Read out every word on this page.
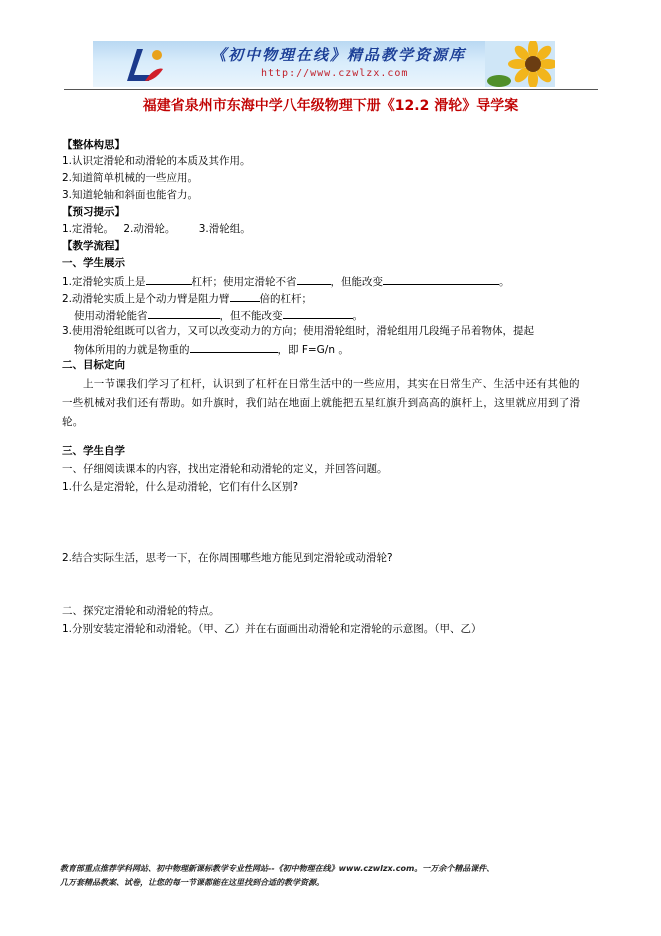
《初中物理在线》精品教学资源库
http://www.czwlzx.com
福建省泉州市东海中学八年级物理下册《12.2 滑轮》导学案
【整体构思】
1.认识定滑轮和动滑轮的本质及其作用。
2.知道简单机械的一些应用。
3.知道轮轴和斜面也能省力。
【预习提示】
1.定滑轮。 2.动滑轮。 3.滑轮组。
【教学流程】
一、学生展示
1.定滑轮实质上是	杠杆；使用定滑轮不省	，但能改变	。
2.动滑轮实质上是个动力臂是阻力臂	倍的杠杆；
使用动滑轮能省	，但不能改变	。
3.使用滑轮组既可以省力，又可以改变动力的方向；使用滑轮组时，滑轮组用几段绳子吊着物体，提起
物体所用的力就是物重的	，即 F=G/n 。
二、目标定向
上一节课我们学习了杠杆，认识到了杠杆在日常生活中的一些应用，其实在日常生产、生活中还有其他的一些机械对我们还有帮助。如升旗时，我们站在地面上就能把五星红旗升到高高的旗杆上，这里就应用到了滑轮。
三、学生自学
一、仔细阅读课本的内容，找出定滑轮和动滑轮的定义，并回答问题。
1.什么是定滑轮，什么是动滑轮，它们有什么区别?
2.结合实际生活，思考一下，在你周围哪些地方能见到定滑轮或动滑轮?
二、探究定滑轮和动滑轮的特点。
1.分别安装定滑轮和动滑轮。（甲、乙）并在右面画出动滑轮和定滑轮的示意图。（甲、乙）
教育部重点推荐学科网站、初中物理新课标教学专业性网站--《初中物理在线》www.czwlzx.com。一万余个精品课件、
几万套精品教案、试卷，让您的每一节课都能在这里找到合适的教学资源。
